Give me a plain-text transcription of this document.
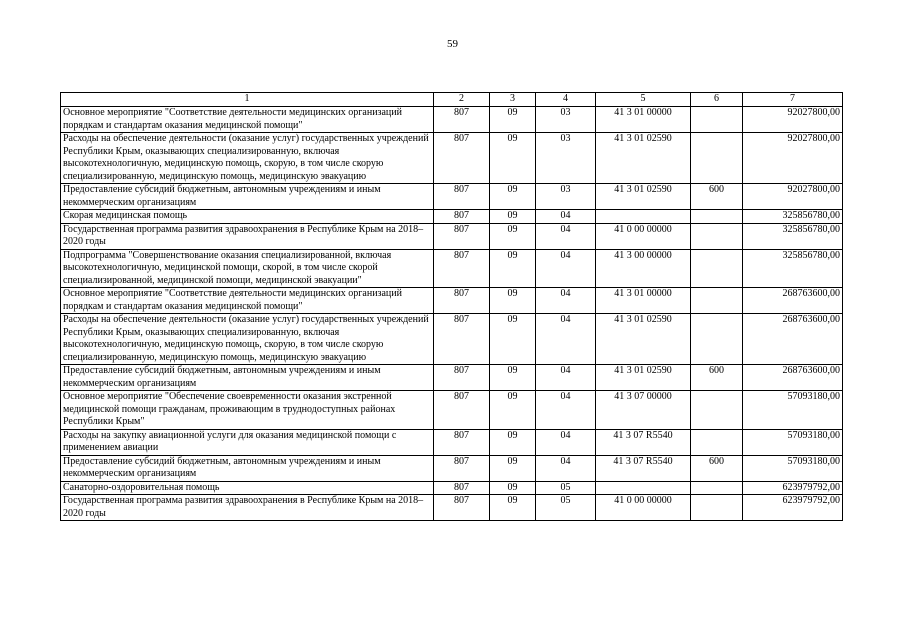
59
1	2	3	4	5	6	7
Основное мероприятие "Соответствие деятельности медицинских организаций порядкам и стандартам оказания медицинской помощи"	807	09	03	41 3 01 00000		92027800,00
Расходы на обеспечение деятельности (оказание услуг) государственных учреждений Республики Крым, оказывающих специализированную, включая высокотехнологичную, медицинскую помощь, скорую, в том числе скорую специализированную, медицинскую помощь, медицинскую эвакуацию	807	09	03	41 3 01 02590		92027800,00
Предоставление субсидий бюджетным, автономным учреждениям и иным некоммерческим организациям	807	09	03	41 3 01 02590	600	92027800,00
Скорая медицинская помощь	807	09	04			325856780,00
Государственная программа развития здравоохранения в Республике Крым на 2018–2020 годы	807	09	04	41 0 00 00000		325856780,00
Подпрограмма "Совершенствование оказания специализированной, включая высокотехнологичную, медицинской помощи, скорой, в том числе скорой специализированной, медицинской помощи, медицинской эвакуации"	807	09	04	41 3 00 00000		325856780,00
Основное мероприятие "Соответствие деятельности медицинских организаций порядкам и стандартам оказания медицинской помощи"	807	09	04	41 3 01 00000		268763600,00
Расходы на обеспечение деятельности (оказание услуг) государственных учреждений Республики Крым, оказывающих специализированную, включая высокотехнологичную, медицинскую помощь, скорую, в том числе скорую специализированную, медицинскую помощь, медицинскую эвакуацию	807	09	04	41 3 01 02590		268763600,00
Предоставление субсидий бюджетным, автономным учреждениям и иным некоммерческим организациям	807	09	04	41 3 01 02590	600	268763600,00
Основное мероприятие "Обеспечение своевременности оказания экстренной медицинской помощи гражданам, проживающим в труднодоступных районах Республики Крым"	807	09	04	41 3 07 00000		57093180,00
Расходы на закупку авиационной услуги для оказания медицинской помощи с применением авиации	807	09	04	41 3 07 R5540		57093180,00
Предоставление субсидий бюджетным, автономным учреждениям и иным некоммерческим организациям	807	09	04	41 3 07 R5540	600	57093180,00
Санаторно-оздоровительная помощь	807	09	05			623979792,00
Государственная программа развития здравоохранения в Республике Крым на 2018–2020 годы	807	09	05	41 0 00 00000		623979792,00
